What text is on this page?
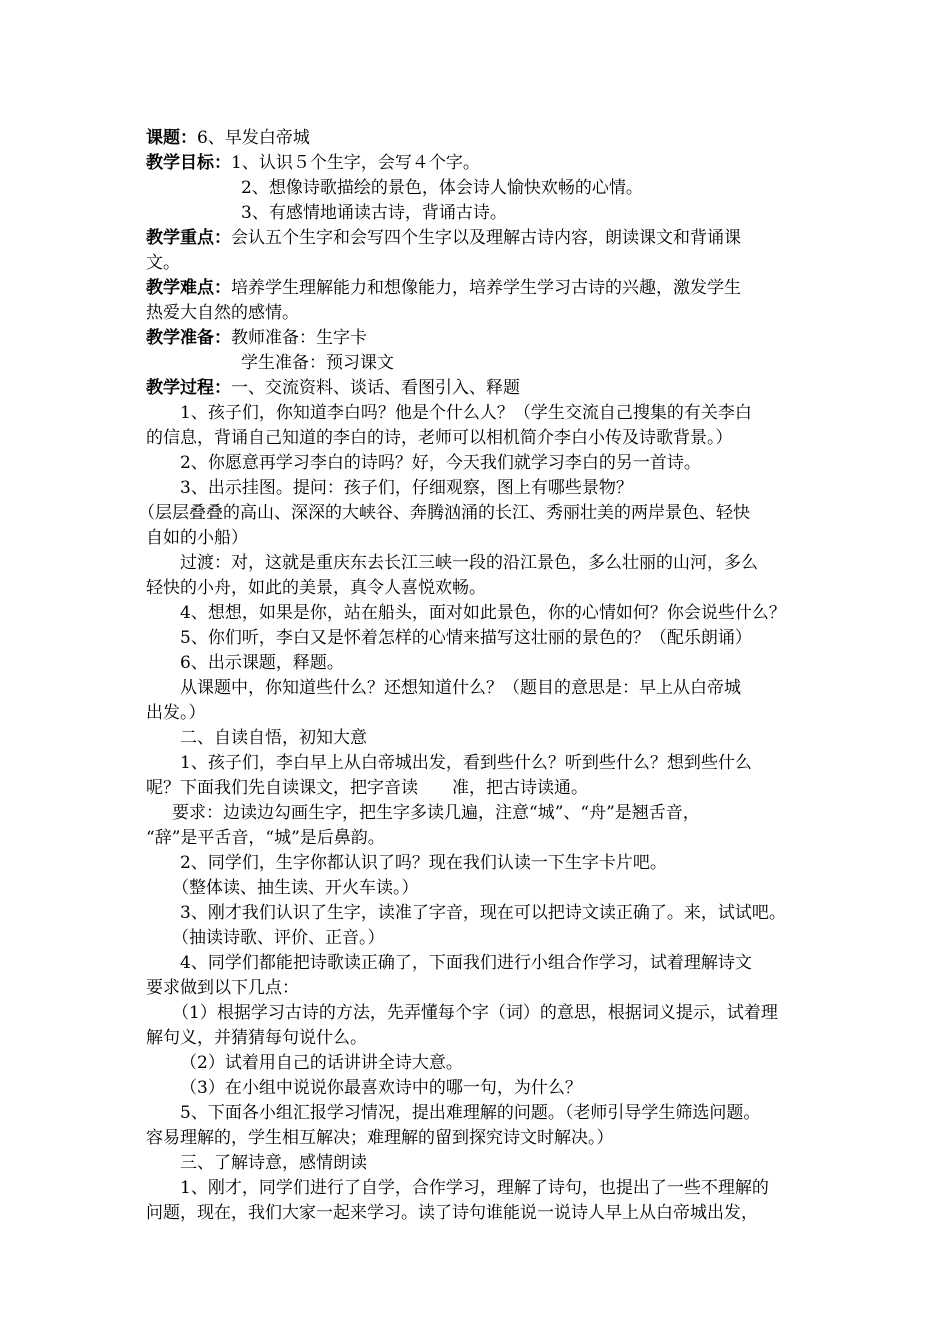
课题：6、早发白帝城
教学目标：1、认识５个生字，会写４个字。
2、想像诗歌描绘的景色，体会诗人愉快欢畅的心情。
3、有感情地诵读古诗，背诵古诗。
教学重点：会认五个生字和会写四个生字以及理解古诗内容，朗读课文和背诵课
文。
教学难点：培养学生理解能力和想像能力，培养学生学习古诗的兴趣，激发学生
热爱大自然的感情。
教学准备：教师准备：生字卡
学生准备：预习课文
教学过程：一、交流资料、谈话、看图引入、释题
1、孩子们，你知道李白吗？他是个什么人？（学生交流自己搜集的有关李白
的信息，背诵自己知道的李白的诗，老师可以相机简介李白小传及诗歌背景。）
2、你愿意再学习李白的诗吗？好，今天我们就学习李白的另一首诗。
3、出示挂图。提问：孩子们，仔细观察，图上有哪些景物？
（层层叠叠的高山、深深的大峡谷、奔腾汹涌的长江、秀丽壮美的两岸景色、轻快
自如的小船）
过渡：对，这就是重庆东去长江三峡一段的沿江景色，多么壮丽的山河，多么
轻快的小舟，如此的美景，真令人喜悦欢畅。
4、想想，如果是你，站在船头，面对如此景色，你的心情如何？你会说些什么？
5、你们听，李白又是怀着怎样的心情来描写这壮丽的景色的？（配乐朗诵）
6、出示课题，释题。
从课题中，你知道些什么？还想知道什么？（题目的意思是：早上从白帝城
出发。）
二、自读自悟，初知大意
1、孩子们，李白早上从白帝城出发，看到些什么？听到些什么？想到些什么
呢？下面我们先自读课文，把字音读　　准，把古诗读通。
要求：边读边勾画生字，把生字多读几遍，注意“城”、“舟”是翘舌音，
“辞”是平舌音，“城”是后鼻韵。
2、同学们，生字你都认识了吗？现在我们认读一下生字卡片吧。
（整体读、抽生读、开火车读。）
3、刚才我们认识了生字，读准了字音，现在可以把诗文读正确了。来，试试吧。
（抽读诗歌、评价、正音。）
4、同学们都能把诗歌读正确了，下面我们进行小组合作学习，试着理解诗文
要求做到以下几点：
（1）根据学习古诗的方法，先弄懂每个字（词）的意思，根据词义提示，试着理
解句义，并猜猜每句说什么。
（2）试着用自己的话讲讲全诗大意。
（3）在小组中说说你最喜欢诗中的哪一句，为什么？
5、下面各小组汇报学习情况，提出难理解的问题。（老师引导学生筛选问题。
容易理解的，学生相互解决；难理解的留到探究诗文时解决。）
三、了解诗意，感情朗读
1、刚才，同学们进行了自学，合作学习，理解了诗句，也提出了一些不理解的
问题，现在，我们大家一起来学习。读了诗句谁能说一说诗人早上从白帝城出发，
